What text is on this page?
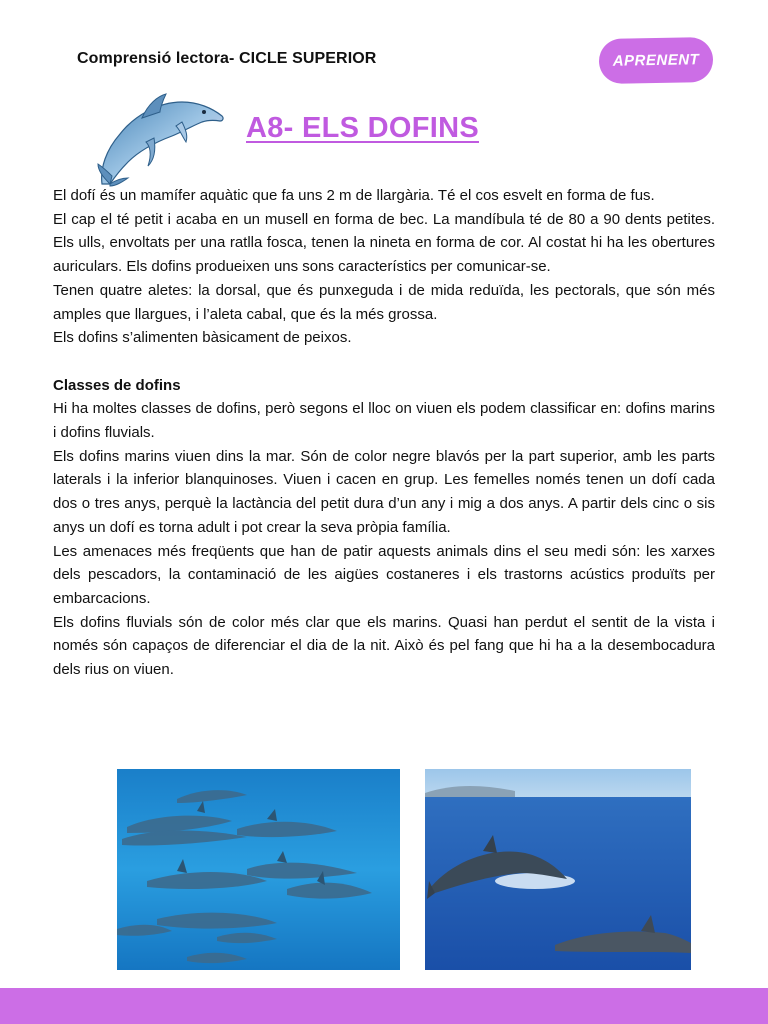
Comprensió lectora- CICLE SUPERIOR	APRENENT
A8- ELS DOFINS

El dofí és un mamífer aquàtic que fa uns 2 m de llargària. Té el cos esvelt en forma de fus.

El cap el té petit i acaba en un musell en forma de bec. La mandíbula té de 80 a 90 dents petites. Els ulls, envoltats per una ratlla fosca, tenen la nineta en forma de cor. Al costat hi ha les obertures auriculars. Els dofins produeixen uns sons característics per comunicar-se.

Tenen quatre aletes: la dorsal, que és punxeguda i de mida reduïda, les pectorals, que són més amples que llargues, i l’aleta cabal, que és la més grossa.

Els dofins s’alimenten bàsicament de peixos.

Classes de dofins

Hi ha moltes classes de dofins, però segons el lloc on viuen els podem classificar en: dofins marins i dofins fluvials.

Els dofins marins viuen dins la mar. Són de color negre blavós per la part superior, amb les parts laterals i la inferior blanquinoses. Viuen i cacen en grup. Les femelles només tenen un dofí cada dos o tres anys, perquè la lactància del petit dura d’un any i mig a dos anys. A partir dels cinc o sis anys un dofí es torna adult i pot crear la seva pròpia família.

Les amenaces més freqüents que han de patir aquests animals dins el seu medi són: les xarxes dels pescadors, la contaminació de les aigües costaneres i els trastorns acústics produïts per embarcacions.

Els dofins fluvials són de color més clar que els marins. Quasi han perdut el sentit de la vista i només són capaços de diferenciar el dia de la nit. Això és pel fang que hi ha a la desembocadura dels rius on viuen.
